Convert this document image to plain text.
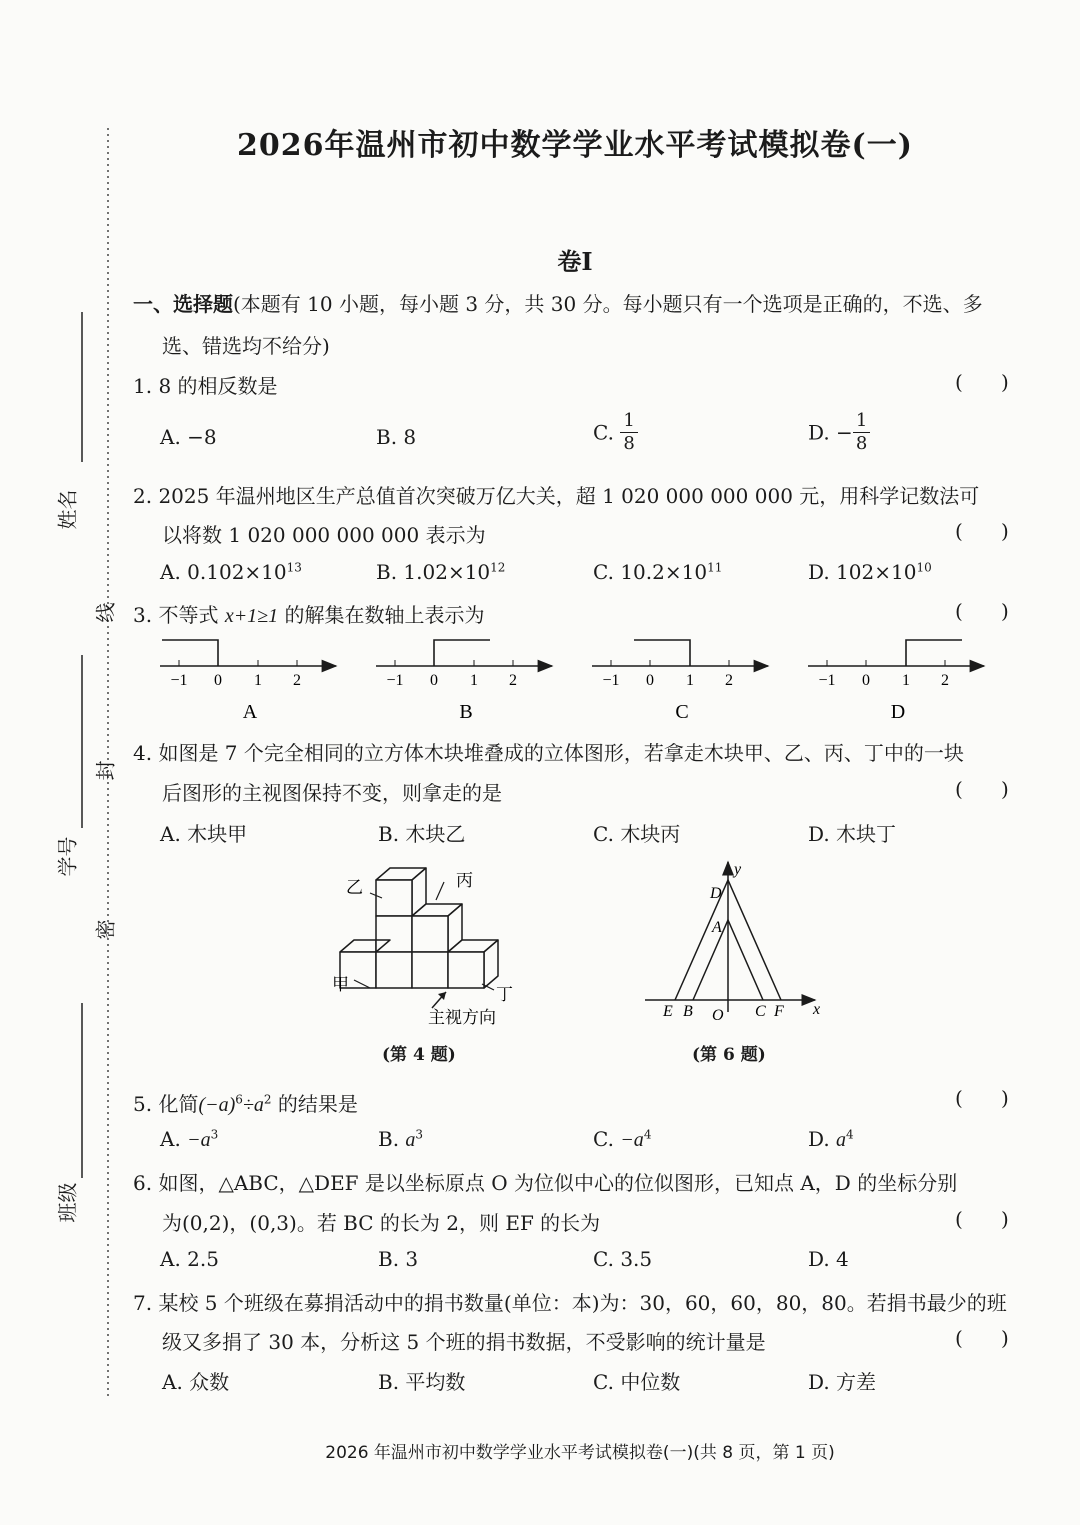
姓名
学号
班级
线
封
密
2026年温州市初中数学学业水平考试模拟卷(一)
卷Ⅰ
一、选择题(本题有 10 小题，每小题 3 分，共 30 分。每小题只有一个选项是正确的，不选、多
选、错选均不给分)
1. 8 的相反数是	(      )
A. −8	B. 8	C. $\frac{1}{8}$	D. − $\frac{1}{8}$
2. 2025 年温州地区生产总值首次突破万亿大关，超 1 020 000 000 000 元，用科学记数法可
以将数 1 020 000 000 000 表示为	(      )
A. $0.102\times 10^{13}$	B. $1.02\times 10^{12}$	C. $10.2\times 10^{11}$	D. $102\times 10^{10}$
3. 不等式 x+1≥1 的解集在数轴上表示为	(      )
−1 0 1 2
A
−1 0 1 2
B
−1 0 1 2
C
−1 0 1 2
D
4. 如图是 7 个完全相同的立方体木块堆叠成的立体图形，若拿走木块甲、乙、丙、丁中的一块
后图形的主视图保持不变，则拿走的是	(      )
A. 木块甲	B. 木块乙	C. 木块丙	D. 木块丁
乙	丙
甲
丁
主视方向
(第 4 题)
y
x
D
A
E B O C F
(第 6 题)
5. 化简$(-a)^6\div a^2$ 的结果是	(      )
A. $-a^3$	B. $a^3$	C. $-a^4$	D. $a^4$
6. 如图，△ABC，△DEF 是以坐标原点 O 为位似中心的位似图形，已知点 A，D 的坐标分别
为(0,2)，(0,3)。若 BC 的长为 2，则 EF 的长为	(      )
A. 2.5	B. 3	C. 3.5	D. 4
7. 某校 5 个班级在募捐活动中的捐书数量(单位：本)为：30，60，60，80，80。若捐书最少的班
级又多捐了 30 本，分析这 5 个班的捐书数据，不受影响的统计量是	(      )
A. 众数	B. 平均数	C. 中位数	D. 方差
2026 年温州市初中数学学业水平考试模拟卷(一)(共 8 页，第 1 页)
